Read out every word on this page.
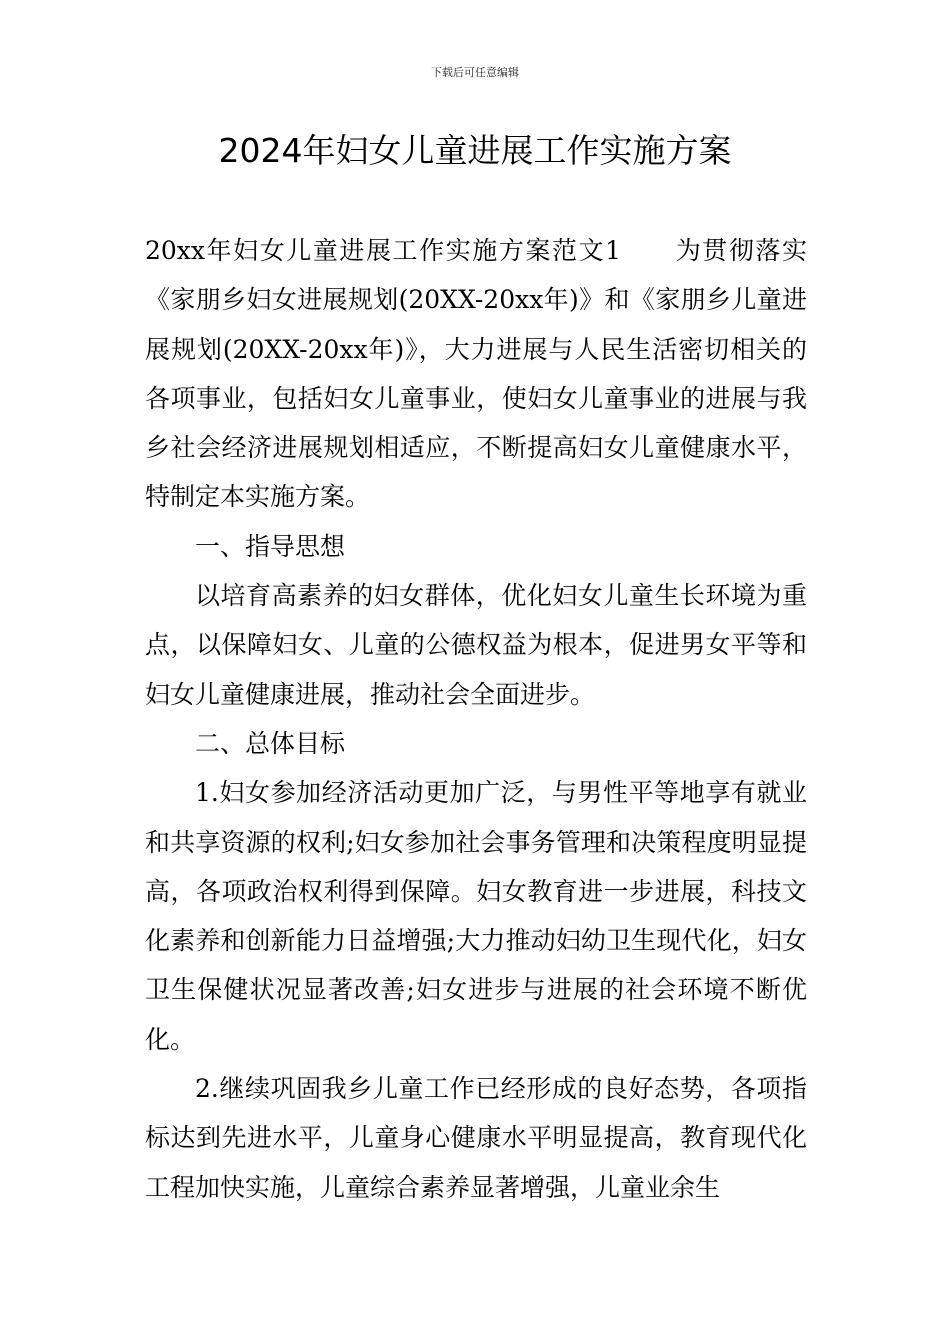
下载后可任意编辑
2024年妇女儿童进展工作实施方案

20xx年妇女儿童进展工作实施方案范文1　　为贯彻落实《家朋乡妇女进展规划(20XX-20xx年)》和《家朋乡儿童进展规划(20XX-20xx年)》，大力进展与人民生活密切相关的各项事业，包括妇女儿童事业，使妇女儿童事业的进展与我乡社会经济进展规划相适应，不断提高妇女儿童健康水平，特制定本实施方案。

一、指导思想

以培育高素养的妇女群体，优化妇女儿童生长环境为重点，以保障妇女、儿童的公德权益为根本，促进男女平等和妇女儿童健康进展，推动社会全面进步。

二、总体目标

1.妇女参加经济活动更加广泛，与男性平等地享有就业和共享资源的权利;妇女参加社会事务管理和决策程度明显提高，各项政治权利得到保障。妇女教育进一步进展，科技文化素养和创新能力日益增强;大力推动妇幼卫生现代化，妇女卫生保健状况显著改善;妇女进步与进展的社会环境不断优化。

2.继续巩固我乡儿童工作已经形成的良好态势，各项指标达到先进水平，儿童身心健康水平明显提高，教育现代化工程加快实施，儿童综合素养显著增强，儿童业余生
